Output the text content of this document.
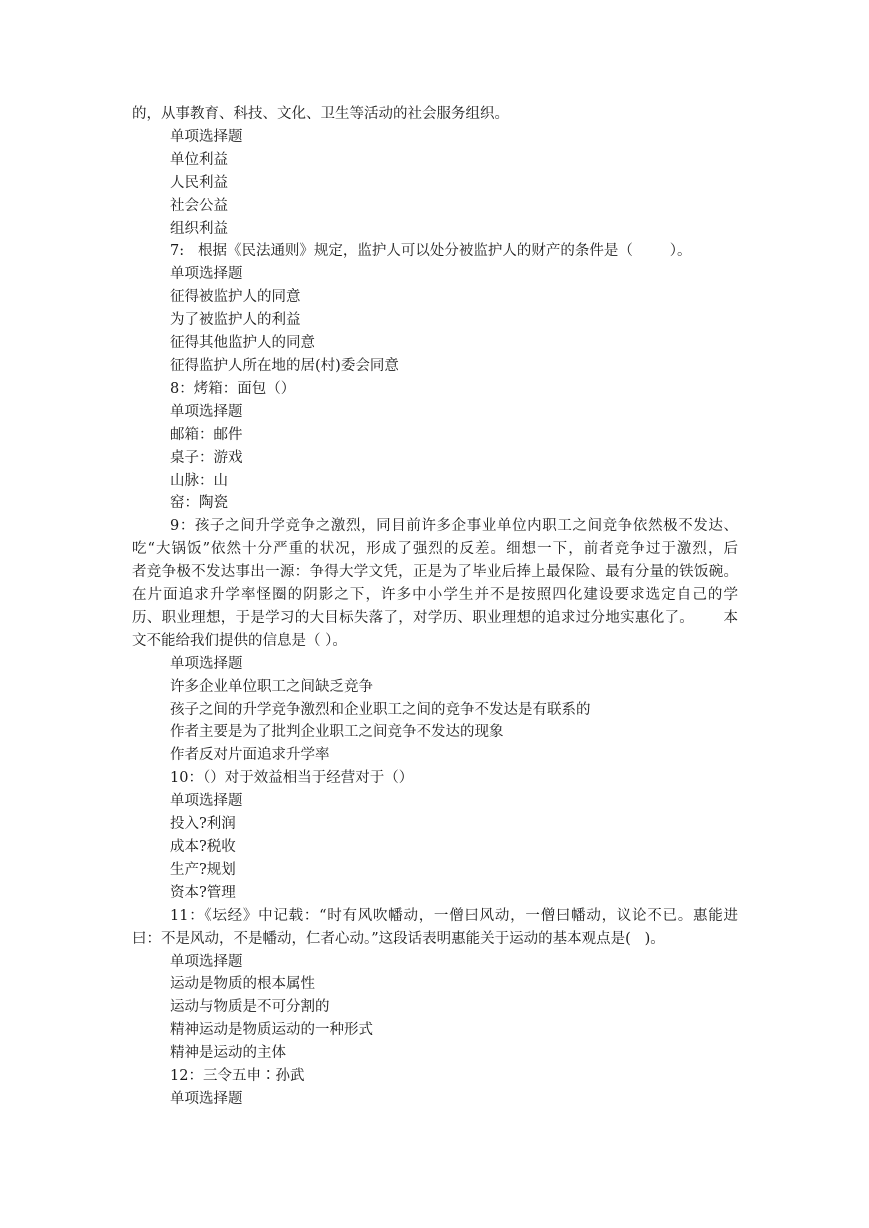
的，从事教育、科技、文化、卫生等活动的社会服务组织。
单项选择题
单位利益
人民利益
社会公益
组织利益
7:   根据《民法通则》规定，监护人可以处分被监护人的财产的条件是（        ）。
单项选择题
征得被监护人的同意
为了被监护人的利益
征得其他监护人的同意
征得监护人所在地的居(村)委会同意
8：烤箱：面包（）
单项选择题
邮箱：邮件
桌子：游戏
山脉：山
窑：陶瓷
9：孩子之间升学竞争之激烈，同目前许多企事业单位内职工之间竞争依然极不发达、
吃“大锅饭”依然十分严重的状况，形成了强烈的反差。细想一下，前者竞争过于激烈，后
者竞争极不发达事出一源：争得大学文凭，正是为了毕业后捧上最保险、最有分量的铁饭碗。
在片面追求升学率怪圈的阴影之下，许多中小学生并不是按照四化建设要求选定自己的学
历、职业理想，于是学习的大目标失落了，对学历、职业理想的追求过分地实惠化了。      本
文不能给我们提供的信息是（ ）。
单项选择题
许多企业单位职工之间缺乏竞争
孩子之间的升学竞争激烈和企业职工之间的竞争不发达是有联系的
作者主要是为了批判企业职工之间竞争不发达的现象
作者反对片面追求升学率
10：（）对于效益相当于经营对于（）
单项选择题
投入?利润
成本?税收
生产?规划
资本?管理
11：《坛经》中记载：“时有风吹幡动，一僧曰风动，一僧曰幡动，议论不已。惠能进
曰：不是风动，不是幡动，仁者心动。”这段话表明惠能关于运动的基本观点是(   )。
单项选择题
运动是物质的根本属性
运动与物质是不可分割的
精神运动是物质运动的一种形式
精神是运动的主体
12：三令五申∶孙武
单项选择题
